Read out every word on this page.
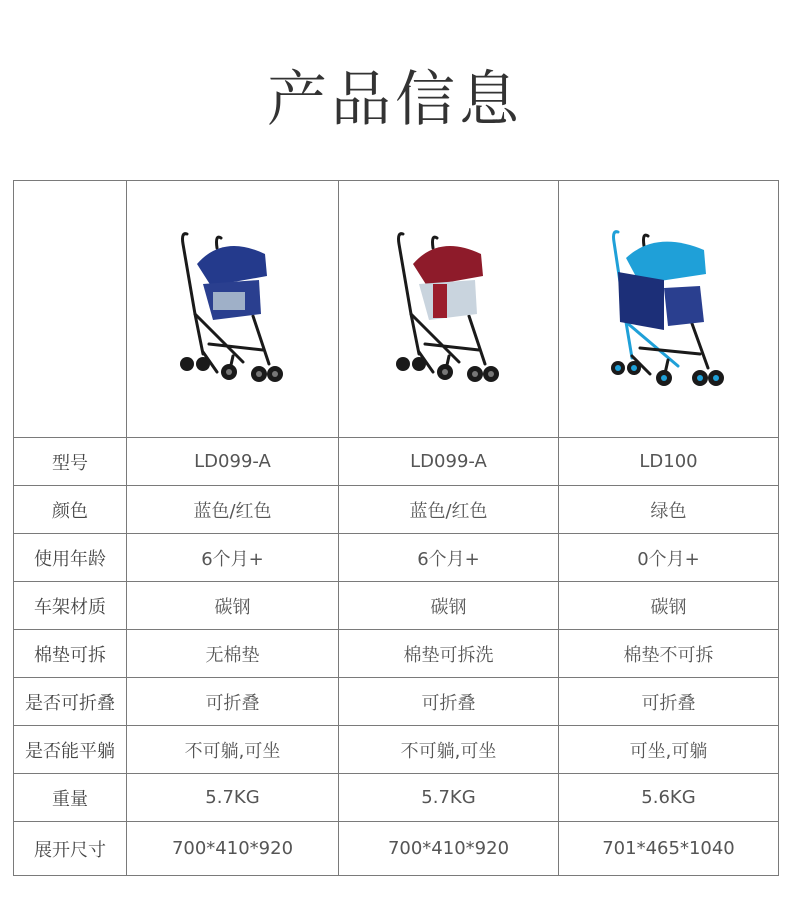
产品信息

型号	LD099-A	LD099-A	LD100
颜色	蓝色/红色	蓝色/红色	绿色
使用年龄	6个月+	6个月+	0个月+
车架材质	碳钢	碳钢	碳钢
棉垫可拆	无棉垫	棉垫可拆洗	棉垫不可拆
是否可折叠	可折叠	可折叠	可折叠
是否能平躺	不可躺,可坐	不可躺,可坐	可坐,可躺
重量	5.7KG	5.7KG	5.6KG
展开尺寸	700*410*920	700*410*920	701*465*1040
